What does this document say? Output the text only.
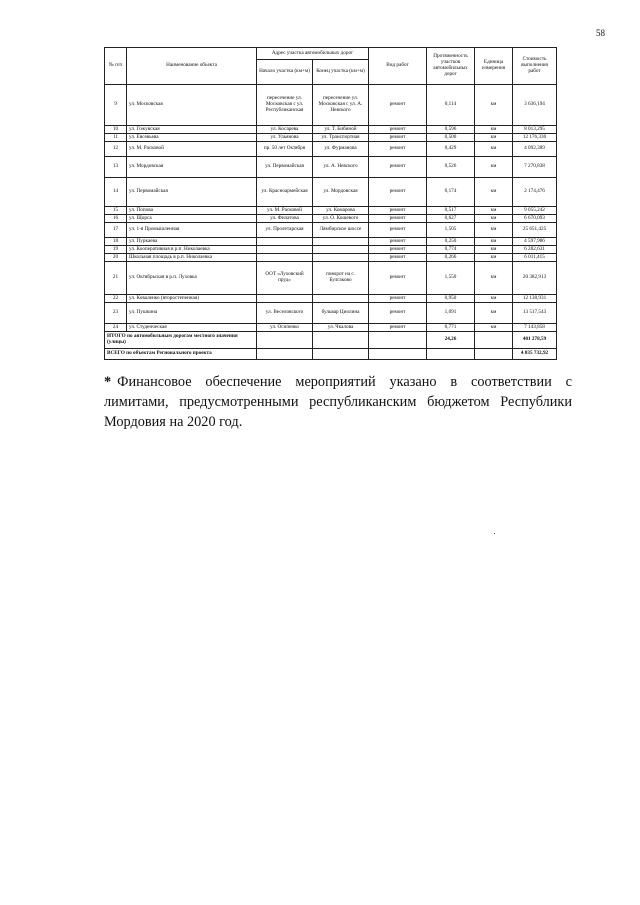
58
№ п/п	Наименование объекта	Адрес участка автомобильных дорог		Вид работ	Протяженность участков автомобильных дорог	Единица измерения	Стоимость выполнения работ
		Начало участка (км+м)	Конец участка (км+м)				
9	ул. Московская	пересечение ул. Московская с ул. Республиканская	пересечение ул. Московская с ул. А. Невского	ремонт	0,114	км	3 636,194
10	ул. Гожувская	ул. Косарева	ул. Т. Бибиной	ремонт	0,596	км	8 013,295
11	ул. Евсевьева	ул. Ульянова	ул. Транспортная	ремонт	0,500	км	12 176,330
12	ул. М. Расковой	пр. 50 лет Октября	ул. Фурманова	ремонт	0,429	км	4 092,389
13	ул. Мордовская	ул. Первомайская	ул. А. Невского	ремонт	0,526	км	7 270,838
14	ул. Первомайская	ул. Красноармейская	ул. Мордовская	ремонт	0,174	км	2 174,476
15	ул. Попова	ул. М. Расковой	ул. Комарова	ремонт	0,517	км	9 055,242
16	ул. Щорса	ул. Филатова	ул. О. Кошевого	ремонт	0,627	км	6 670,093
17	ул. 1-я Промышленная	ул. Пролетарская	Лямбирское шоссе	ремонт	1,505	км	25 651,425
18	ул. Пуркаева			ремонт	0,250	км	4 597,986
19	ул. Кооперативная в р.п. Николаевка			ремонт	0,774	км	6 282,631
20	Школьная площадь в р.п. Николаевка			ремонт	0,266	км	6 011,415
21	ул. Октябрьская в р.п. Луховка	ООТ «Луховский пруд»	поворот на с. Булгаково	ремонт	1,550	км	20 382,913
22	ул. Коваленко (второстепенная)			ремонт	0,950	км	12 138,931
23	ул. Пушкина	ул. Веселовского	бульвар Циолина	ремонт	1,091	км	13 517,543
24	ул. Студенческая	ул. Осипенко	ул. Чкалова	ремонт	0,771	км	7 143,858
ИТОГО по автомобильным дорогам местного значения (улицы)					24,26		401 278,59
ВСЕГО по объектам Регионального проекта							4 035 732,92
* Финансовое обеспечение мероприятий указано в соответствии с лимитами, предусмотренными республиканским бюджетом Республики Мордовия на 2020 год.
